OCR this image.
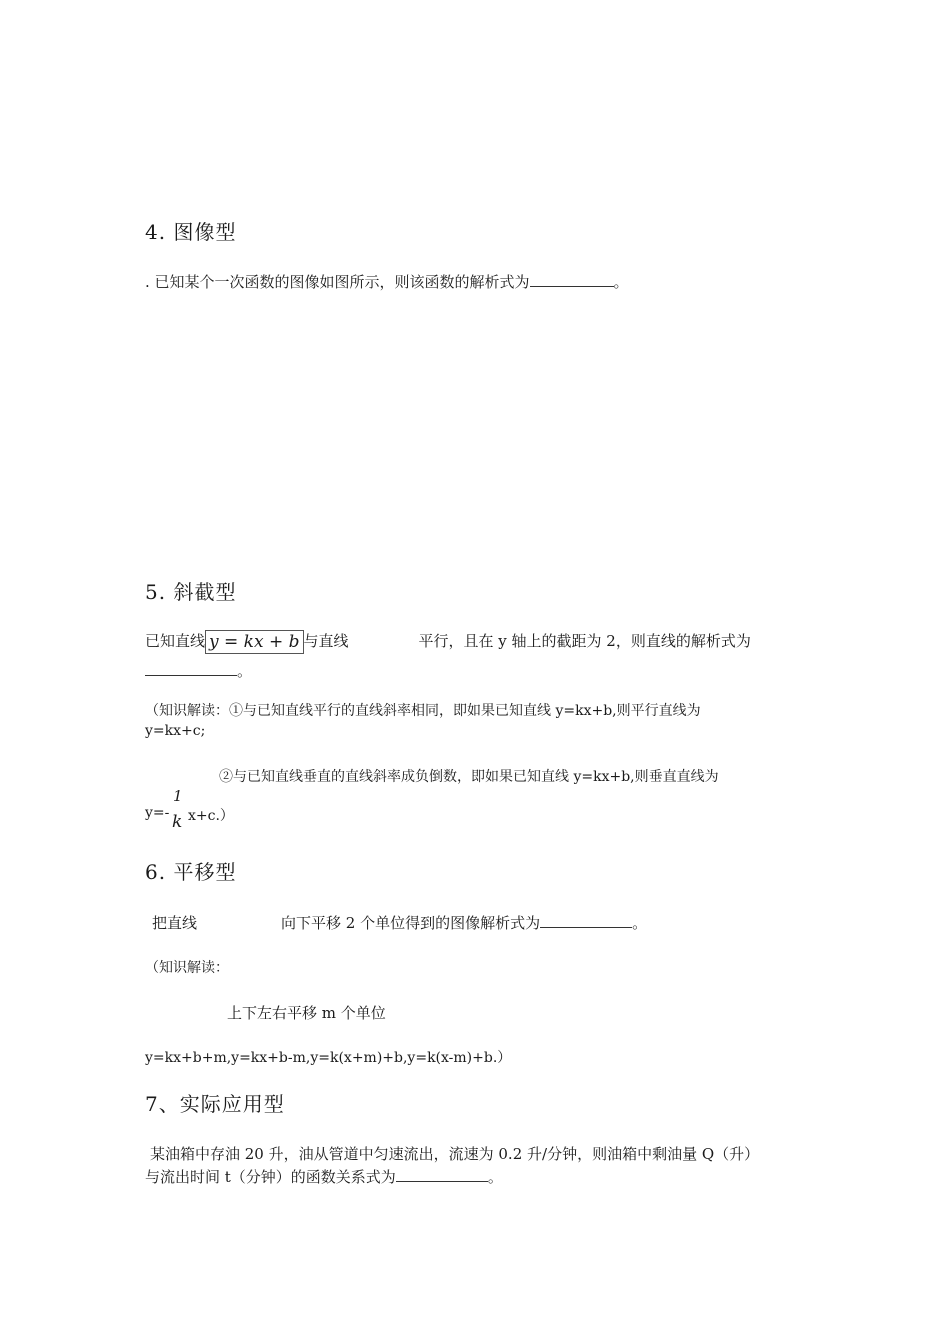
4. 图像型
. 已知某个一次函数的图像如图所示，则该函数的解析式为	。
5. 斜截型
已知直线 y = kx + b 与直线	平行，且在 y 轴上的截距为 2，则直线的解析式为
。
（知识解读：①与已知直线平行的直线斜率相同，即如果已知直线 y=kx+b,则平行直线为
y=kx+c;
②与已知直线垂直的直线斜率成负倒数，即如果已知直线 y=kx+b,则垂直直线为
y=-
1
k x+c.）
6. 平移型
把直线	向下平移 2 个单位得到的图像解析式为	。
（知识解读：
上下左右平移 m 个单位
y=kx+b+m,y=kx+b-m,y=k(x+m)+b,y=k(x-m)+b.）
7、实际应用型
某油箱中存油 20 升，油从管道中匀速流出，流速为 0.2 升/分钟，则油箱中剩油量 Q（升）
与流出时间 t（分钟）的函数关系式为	。
